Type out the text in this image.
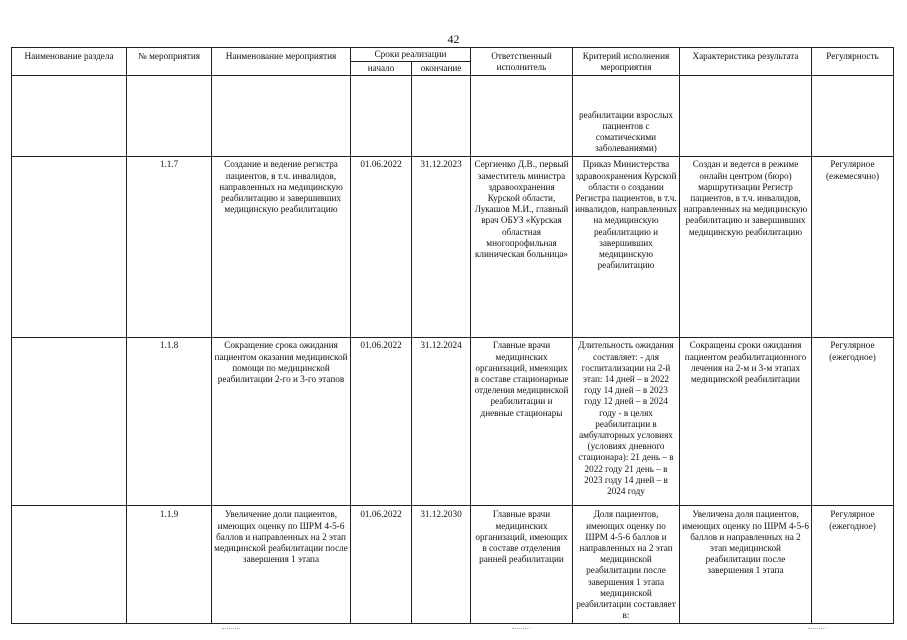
42
Наименование раздела	№ мероприятия	Наименование мероприятия	Сроки реализации		Ответственный исполнитель	Критерий исполнения мероприятия	Характеристика результата	Регулярность
			начало	окончание				
						реабилитации взрослых пациентов с соматическими заболеваниями)		
	1.1.7	Создание и ведение регистра пациентов, в т.ч. инвалидов, направленных на медицинскую реабилитацию и завершивших медицинскую реабилитацию	01.06.2022	31.12.2023	Сергиенко Д.В., первый заместитель министра здравоохранения Курской области, Лукашов М.И., главный врач ОБУЗ «Курская областная многопрофильная клиническая больница»	Приказ Министерства здравоохранения Курской области о создании Регистра пациентов, в т.ч. инвалидов, направленных на медицинскую реабилитацию и завершивших медицинскую реабилитацию	Создан и ведется в режиме онлайн центром (бюро) маршрутизации Регистр пациентов, в т.ч. инвалидов, направленных на медицинскую реабилитацию и завершивших медицинскую реабилитацию	Регулярное (ежемесячно)
	1.1.8	Сокращение срока ожидания пациентом оказания медицинской помощи по медицинской реабилитации 2-го и 3-го этапов	01.06.2022	31.12.2024	Главные врачи медицинских организаций, имеющих в составе стационарные отделения медицинской реабилитации и дневные стационары	Длительность ожидания составляет: - для госпитализации на 2-й этап: 14 дней – в 2022 году 14 дней – в 2023 году 12 дней – в 2024 году - в целях реабилитации в амбулаторных условиях (условиях дневного стационара): 21 день – в 2022 году 21 день – в 2023 году 14 дней – в 2024 году	Сокращены сроки ожидания пациентом реабилитационного лечения на 2-м и 3-м этапах медицинской реабилитации	Регулярное (ежегодное)
	1.1.9	Увеличение доли пациентов, имеющих оценку по ШРМ 4-5-6 баллов и направленных на 2 этап медицинской реабилитации после завершения 1 этапа	01.06.2022	31.12.2030	Главные врачи медицинских организаций, имеющих в составе отделения ранней реабилитации	Доля пациентов, имеющих оценку по ШРМ 4-5-6 баллов и направленных на 2 этап медицинской реабилитации после завершения 1 этапа медицинской реабилитации составляет в:	Увеличена доля пациентов, имеющих оценку по ШРМ 4-5-6 баллов и направленных на 2 этап медицинской реабилитации после завершения 1 этапа	Регулярное (ежегодное)
